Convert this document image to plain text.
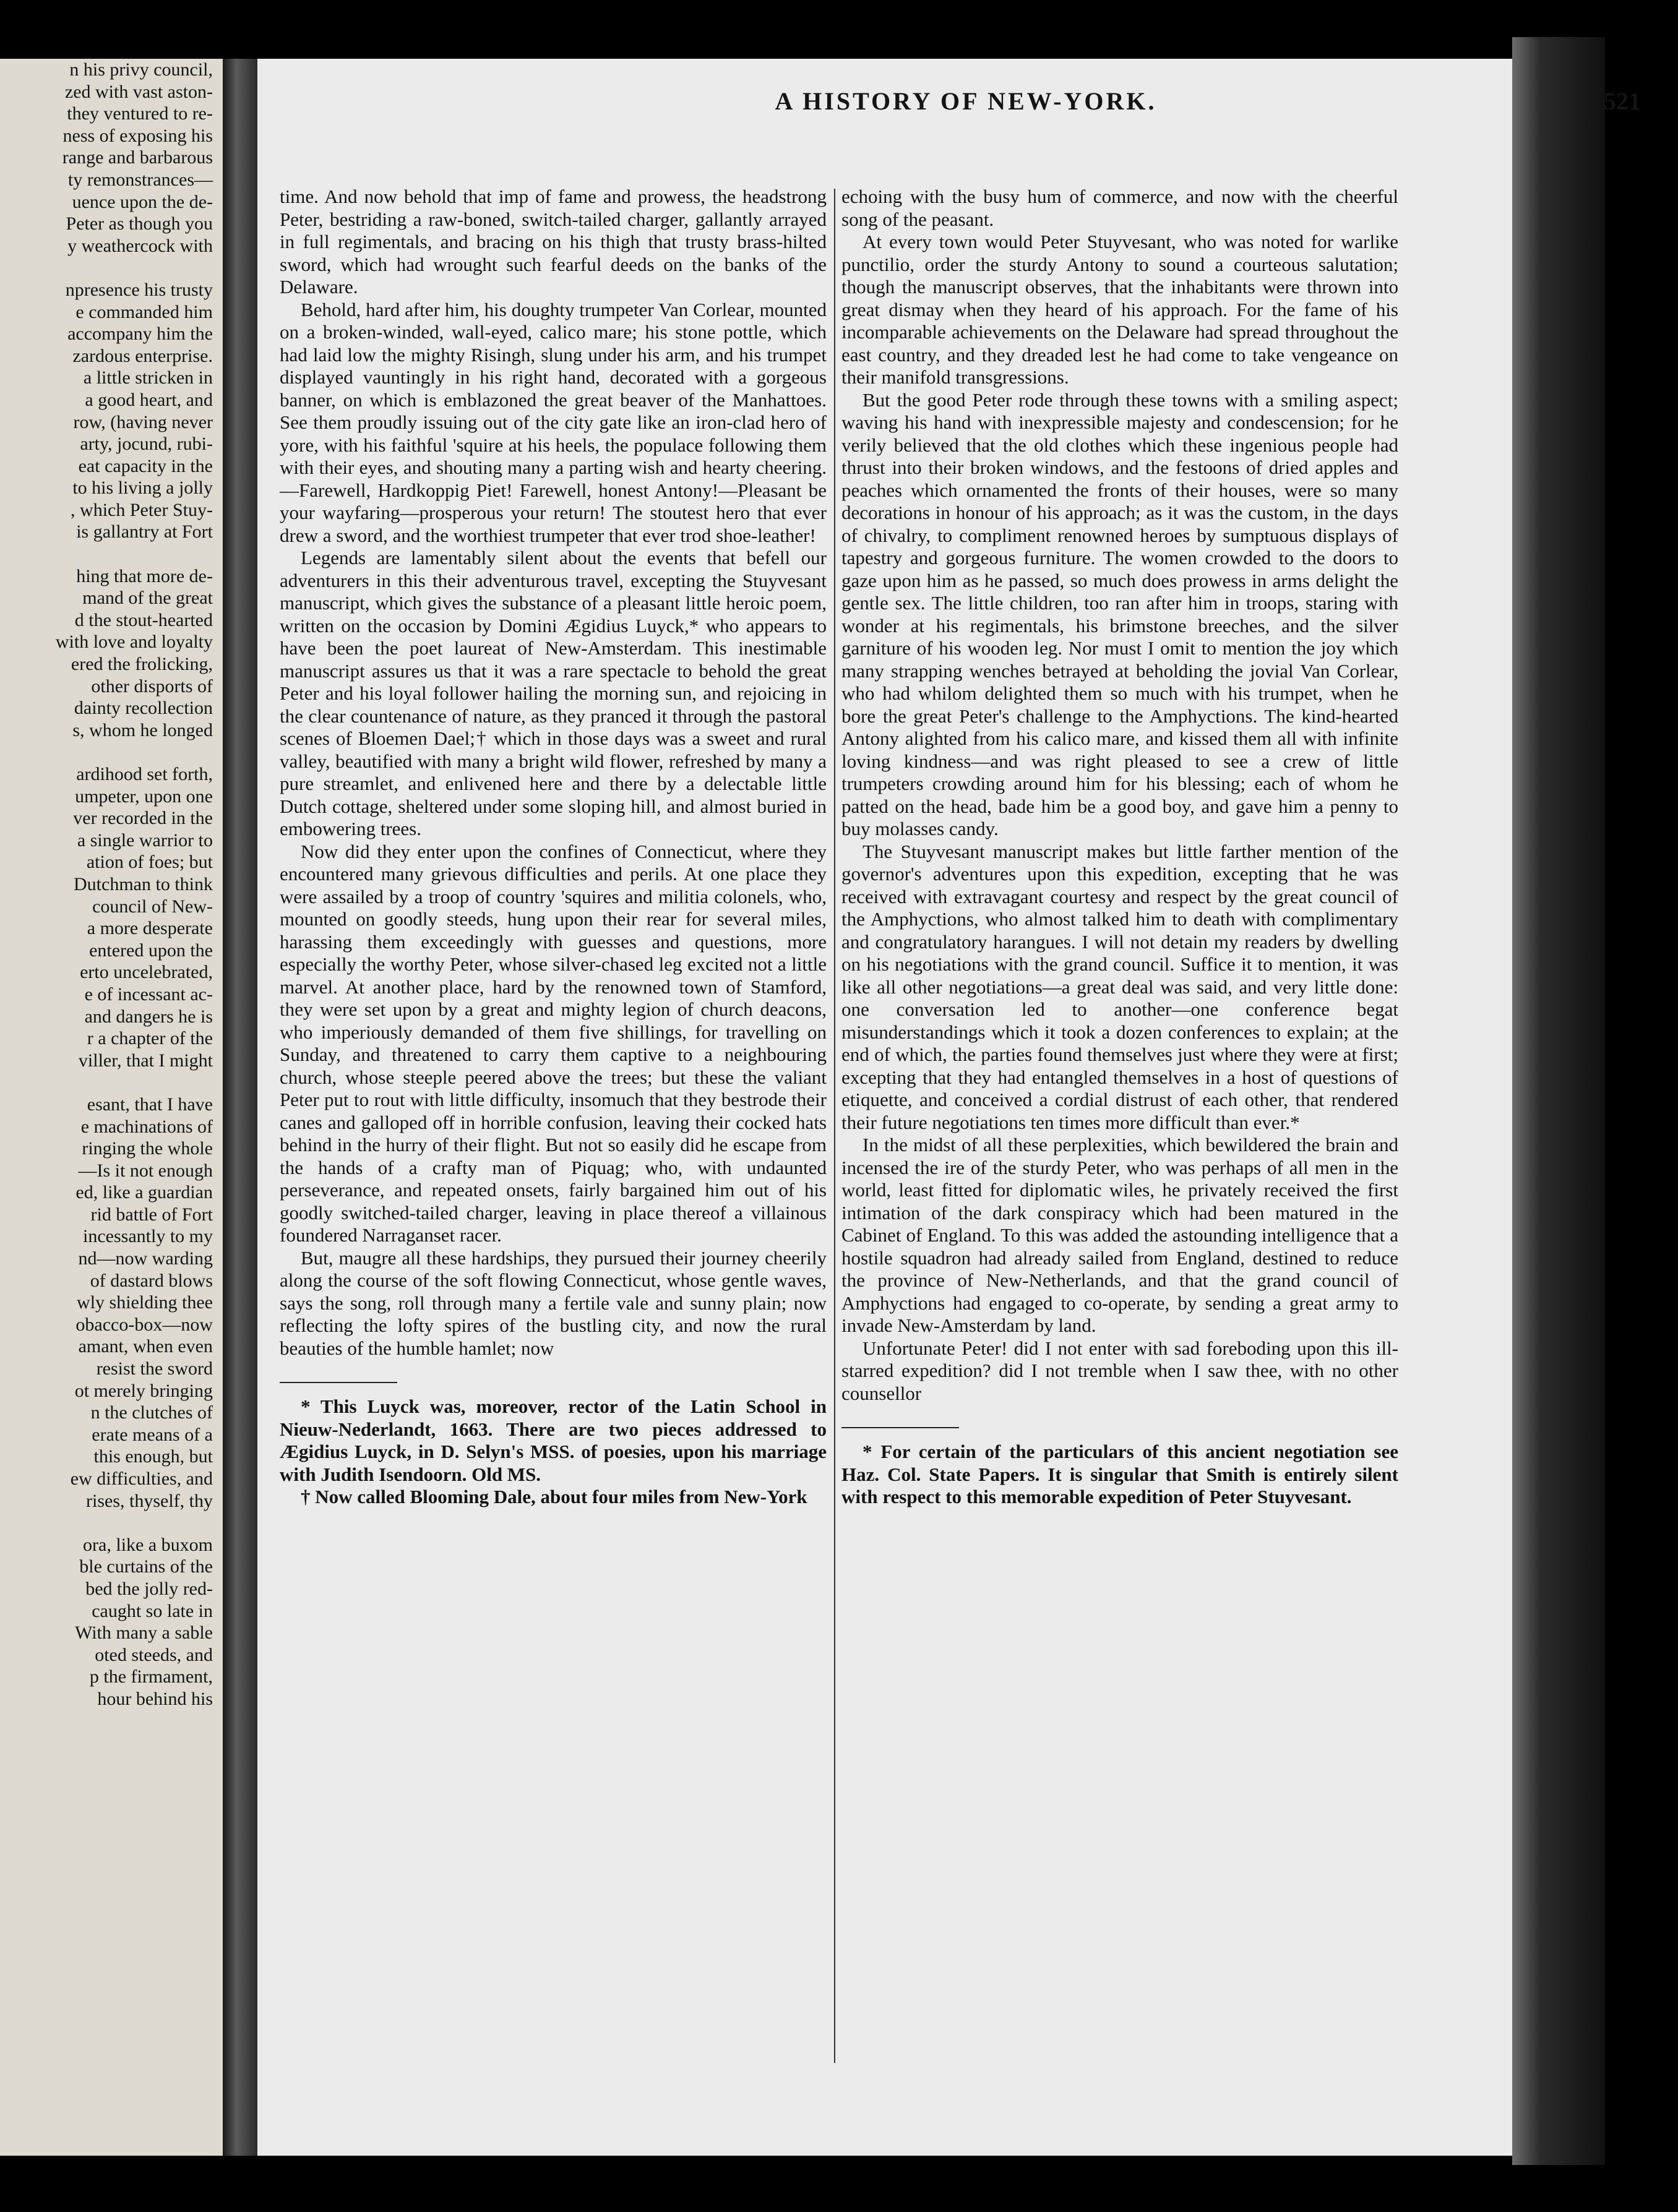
n his privy council,
zed with vast aston-
they ventured to re-
ness of exposing his
range and barbarous
ty remonstrances—
uence upon the de-
Peter as though you
y weathercock with
npresence his trusty
e commanded him
accompany him the
zardous enterprise.
a little stricken in
a good heart, and
row, (having never
arty, jocund, rubi-
eat capacity in the
to his living a jolly
, which Peter Stuy-
is gallantry at Fort
hing that more de-
mand of the great
d the stout-hearted
with love and loyalty
ered the frolicking,
other disports of
dainty recollection
s, whom he longed
ardihood set forth,
umpeter, upon one
ver recorded in the
a single warrior to
ation of foes; but
Dutchman to think
council of New-
a more desperate
entered upon the
erto uncelebrated,
e of incessant ac-
and dangers he is
r a chapter of the
viller, that I might
esant, that I have
e machinations of
ringing the whole
—Is it not enough
ed, like a guardian
rid battle of Fort
incessantly to my
nd—now warding
of dastard blows
wly shielding thee
obacco-box—now
amant, when even
resist the sword
ot merely bringing
n the clutches of
erate means of a
this enough, but
ew difficulties, and
rises, thyself, thy
ora, like a buxom
ble curtains of the
bed the jolly red-
caught so late in
With many a sable
oted steeds, and
p the firmament,
hour behind his
A HISTORY OF NEW-YORK.	521

time. And now behold that imp of fame and prowess, the headstrong Peter, bestriding a raw-boned, switch-tailed charger, gallantly arrayed in full regimentals, and bracing on his thigh that trusty brass-hilted sword, which had wrought such fearful deeds on the banks of the Delaware.

Behold, hard after him, his doughty trumpeter Van Corlear, mounted on a broken-winded, wall-eyed, calico mare; his stone pottle, which had laid low the mighty Risingh, slung under his arm, and his trumpet displayed vauntingly in his right hand, decorated with a gorgeous banner, on which is emblazoned the great beaver of the Manhattoes. See them proudly issuing out of the city gate like an iron-clad hero of yore, with his faithful 'squire at his heels, the populace following them with their eyes, and shouting many a parting wish and hearty cheering.—Farewell, Hardkoppig Piet! Farewell, honest Antony!—Pleasant be your wayfaring—prosperous your return! The stoutest hero that ever drew a sword, and the worthiest trumpeter that ever trod shoe-leather!

Legends are lamentably silent about the events that befell our adventurers in this their adventurous travel, excepting the Stuyvesant manuscript, which gives the substance of a pleasant little heroic poem, written on the occasion by Domini Ægidius Luyck,* who appears to have been the poet laureat of New-Amsterdam. This inestimable manuscript assures us that it was a rare spectacle to behold the great Peter and his loyal follower hailing the morning sun, and rejoicing in the clear countenance of nature, as they pranced it through the pastoral scenes of Bloemen Dael;† which in those days was a sweet and rural valley, beautified with many a bright wild flower, refreshed by many a pure streamlet, and enlivened here and there by a delectable little Dutch cottage, sheltered under some sloping hill, and almost buried in embowering trees.

Now did they enter upon the confines of Connecticut, where they encountered many grievous difficulties and perils. At one place they were assailed by a troop of country 'squires and militia colonels, who, mounted on goodly steeds, hung upon their rear for several miles, harassing them exceedingly with guesses and questions, more especially the worthy Peter, whose silver-chased leg excited not a little marvel. At another place, hard by the renowned town of Stamford, they were set upon by a great and mighty legion of church deacons, who imperiously demanded of them five shillings, for travelling on Sunday, and threatened to carry them captive to a neighbouring church, whose steeple peered above the trees; but these the valiant Peter put to rout with little difficulty, insomuch that they bestrode their canes and galloped off in horrible confusion, leaving their cocked hats behind in the hurry of their flight. But not so easily did he escape from the hands of a crafty man of Piquag; who, with undaunted perseverance, and repeated onsets, fairly bargained him out of his goodly switched-tailed charger, leaving in place thereof a villainous foundered Narraganset racer.

But, maugre all these hardships, they pursued their journey cheerily along the course of the soft flowing Connecticut, whose gentle waves, says the song, roll through many a fertile vale and sunny plain; now reflecting the lofty spires of the bustling city, and now the rural beauties of the humble hamlet; now

* This Luyck was, moreover, rector of the Latin School in Nieuw-Nederlandt, 1663. There are two pieces addressed to Ægidius Luyck, in D. Selyn's MSS. of poesies, upon his marriage with Judith Isendoorn. Old MS.

† Now called Blooming Dale, about four miles from New-York

echoing with the busy hum of commerce, and now with the cheerful song of the peasant.

At every town would Peter Stuyvesant, who was noted for warlike punctilio, order the sturdy Antony to sound a courteous salutation; though the manuscript observes, that the inhabitants were thrown into great dismay when they heard of his approach. For the fame of his incomparable achievements on the Delaware had spread throughout the east country, and they dreaded lest he had come to take vengeance on their manifold transgressions.

But the good Peter rode through these towns with a smiling aspect; waving his hand with inexpressible majesty and condescension; for he verily believed that the old clothes which these ingenious people had thrust into their broken windows, and the festoons of dried apples and peaches which ornamented the fronts of their houses, were so many decorations in honour of his approach; as it was the custom, in the days of chivalry, to compliment renowned heroes by sumptuous displays of tapestry and gorgeous furniture. The women crowded to the doors to gaze upon him as he passed, so much does prowess in arms delight the gentle sex. The little children, too ran after him in troops, staring with wonder at his regimentals, his brimstone breeches, and the silver garniture of his wooden leg. Nor must I omit to mention the joy which many strapping wenches betrayed at beholding the jovial Van Corlear, who had whilom delighted them so much with his trumpet, when he bore the great Peter's challenge to the Amphyctions. The kind-hearted Antony alighted from his calico mare, and kissed them all with infinite loving kindness—and was right pleased to see a crew of little trumpeters crowding around him for his blessing; each of whom he patted on the head, bade him be a good boy, and gave him a penny to buy molasses candy.

The Stuyvesant manuscript makes but little farther mention of the governor's adventures upon this expedition, excepting that he was received with extravagant courtesy and respect by the great council of the Amphyctions, who almost talked him to death with complimentary and congratulatory harangues. I will not detain my readers by dwelling on his negotiations with the grand council. Suffice it to mention, it was like all other negotiations—a great deal was said, and very little done: one conversation led to another—one conference begat misunderstandings which it took a dozen conferences to explain; at the end of which, the parties found themselves just where they were at first; excepting that they had entangled themselves in a host of questions of etiquette, and conceived a cordial distrust of each other, that rendered their future negotiations ten times more difficult than ever.*

In the midst of all these perplexities, which bewildered the brain and incensed the ire of the sturdy Peter, who was perhaps of all men in the world, least fitted for diplomatic wiles, he privately received the first intimation of the dark conspiracy which had been matured in the Cabinet of England. To this was added the astounding intelligence that a hostile squadron had already sailed from England, destined to reduce the province of New-Netherlands, and that the grand council of Amphyctions had engaged to co-operate, by sending a great army to invade New-Amsterdam by land.

Unfortunate Peter! did I not enter with sad foreboding upon this ill-starred expedition? did I not tremble when I saw thee, with no other counsellor

* For certain of the particulars of this ancient negotiation see Haz. Col. State Papers. It is singular that Smith is entirely silent with respect to this memorable expedition of Peter Stuyvesant.
